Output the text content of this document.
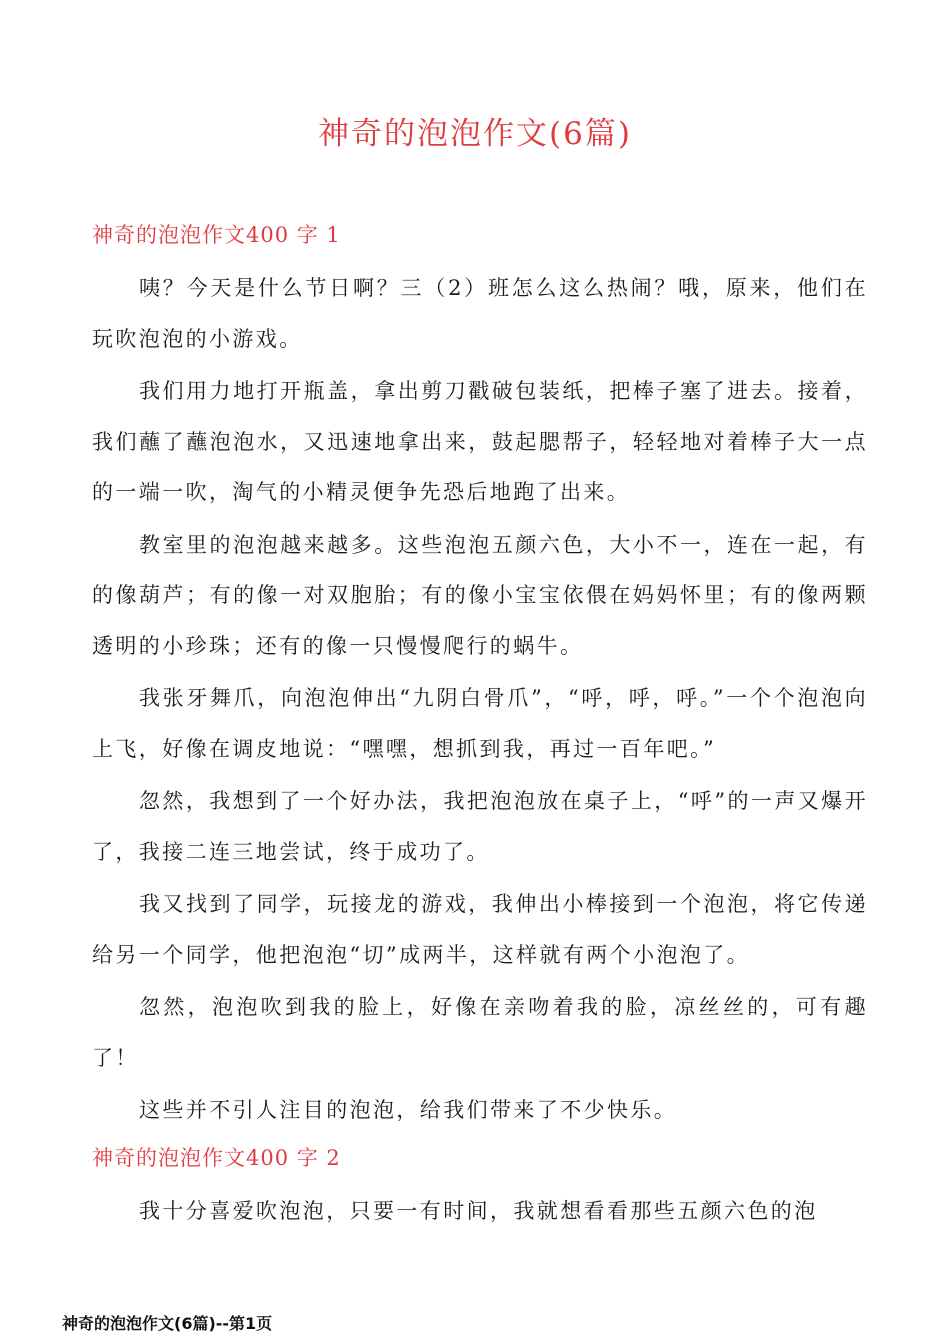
神奇的泡泡作文(6篇)
神奇的泡泡作文400 字 1

咦？今天是什么节日啊？三（2）班怎么这么热闹？哦，原来，他们在玩吹泡泡的小游戏。

我们用力地打开瓶盖，拿出剪刀戳破包装纸，把棒子塞了进去。接着，我们蘸了蘸泡泡水，又迅速地拿出来，鼓起腮帮子，轻轻地对着棒子大一点的一端一吹，淘气的小精灵便争先恐后地跑了出来。

教室里的泡泡越来越多。这些泡泡五颜六色，大小不一，连在一起，有的像葫芦；有的像一对双胞胎；有的像小宝宝依偎在妈妈怀里；有的像两颗透明的小珍珠；还有的像一只慢慢爬行的蜗牛。

我张牙舞爪，向泡泡伸出“九阴白骨爪”，“呼，呼，呼。”一个个泡泡向上飞，好像在调皮地说：“嘿嘿，想抓到我，再过一百年吧。”

忽然，我想到了一个好办法，我把泡泡放在桌子上，“呼”的一声又爆开了，我接二连三地尝试，终于成功了。

我又找到了同学，玩接龙的游戏，我伸出小棒接到一个泡泡，将它传递给另一个同学，他把泡泡“切”成两半，这样就有两个小泡泡了。

忽然，泡泡吹到我的脸上，好像在亲吻着我的脸，凉丝丝的，可有趣了！

这些并不引人注目的泡泡，给我们带来了不少快乐。

神奇的泡泡作文400 字 2

我十分喜爱吹泡泡，只要一有时间，我就想看看那些五颜六色的泡

神奇的泡泡作文(6篇)--第1页
